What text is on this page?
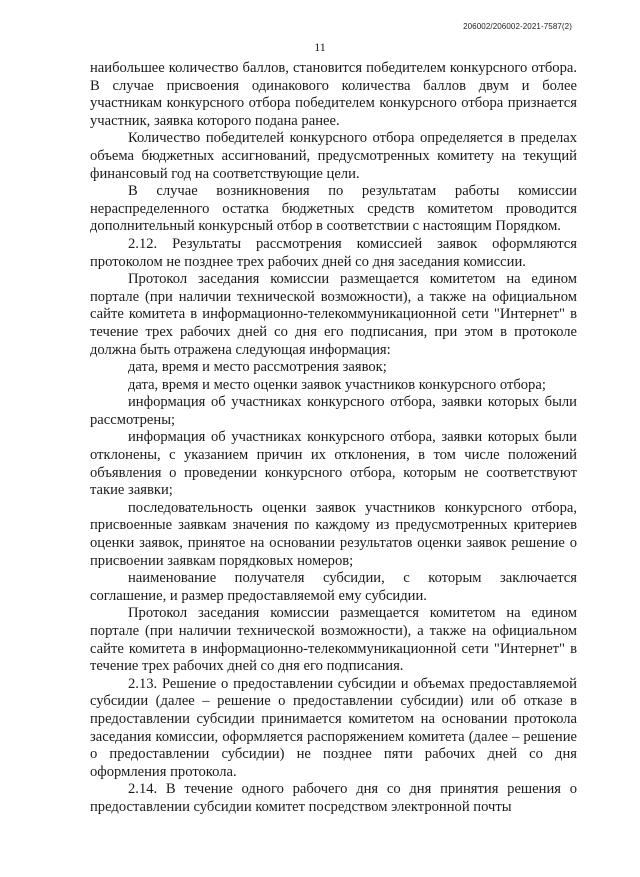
206002/206002-2021-7587(2)
11

наибольшее количество баллов, становится победителем конкурсного отбора. В случае присвоения одинакового количества баллов двум и более участникам конкурсного отбора победителем конкурсного отбора признается участник, заявка которого подана ранее.

Количество победителей конкурсного отбора определяется в пределах объема бюджетных ассигнований, предусмотренных комитету на текущий финансовый год на соответствующие цели.

В случае возникновения по результатам работы комиссии нераспределенного остатка бюджетных средств комитетом проводится дополнительный конкурсный отбор в соответствии с настоящим Порядком.

2.12. Результаты рассмотрения комиссией заявок оформляются протоколом не позднее трех рабочих дней со дня заседания комиссии.

Протокол заседания комиссии размещается комитетом на едином портале (при наличии технической возможности), а также на официальном сайте комитета в информационно-телекоммуникационной сети "Интернет" в течение трех рабочих дней со дня его подписания, при этом в протоколе должна быть отражена следующая информация:

дата, время и место рассмотрения заявок;

дата, время и место оценки заявок участников конкурсного отбора;

информация об участниках конкурсного отбора, заявки которых были рассмотрены;

информация об участниках конкурсного отбора, заявки которых были отклонены, с указанием причин их отклонения, в том числе положений объявления о проведении конкурсного отбора, которым не соответствуют такие заявки;

последовательность оценки заявок участников конкурсного отбора, присвоенные заявкам значения по каждому из предусмотренных критериев оценки заявок, принятое на основании результатов оценки заявок решение о присвоении заявкам порядковых номеров;

наименование получателя субсидии, с которым заключается соглашение, и размер предоставляемой ему субсидии.

Протокол заседания комиссии размещается комитетом на едином портале (при наличии технической возможности), а также на официальном сайте комитета в информационно-телекоммуникационной сети "Интернет" в течение трех рабочих дней со дня его подписания.

2.13. Решение о предоставлении субсидии и объемах предоставляемой субсидии (далее – решение о предоставлении субсидии) или об отказе в предоставлении субсидии принимается комитетом на основании протокола заседания комиссии, оформляется распоряжением комитета (далее – решение о предоставлении субсидии) не позднее пяти рабочих дней со дня оформления протокола.

2.14. В течение одного рабочего дня со дня принятия решения о предоставлении субсидии комитет посредством электронной почты
